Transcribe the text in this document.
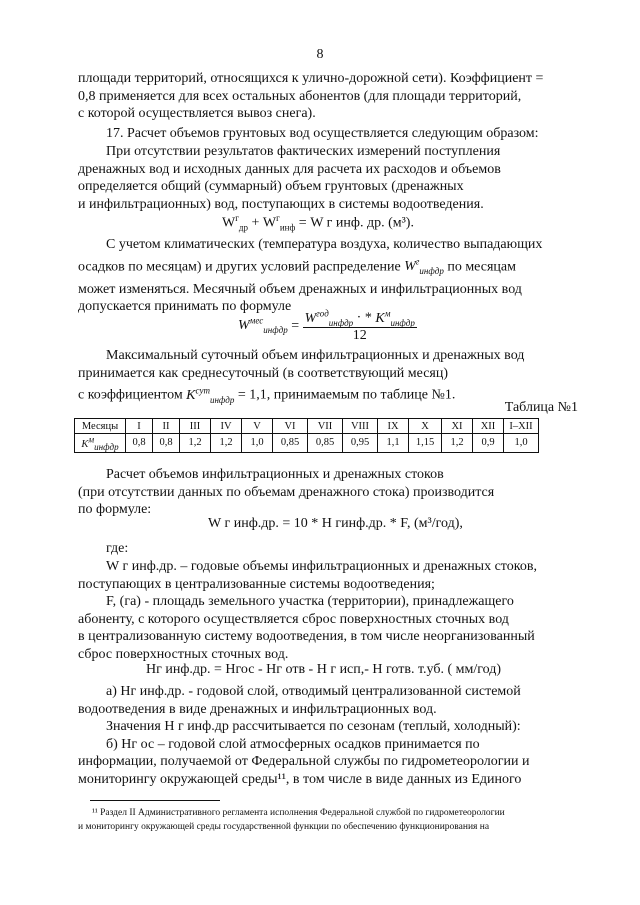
8
площади территорий, относящихся к улично-дорожной сети). Коэффициент =
0,8 применяется для всех остальных абонентов (для площади территорий,
с которой осуществляется вывоз снега).
17. Расчет объемов грунтовых вод осуществляется следующим образом:
При отсутствии результатов фактических измерений поступления
дренажных вод и исходных данных для расчета их расходов и объемов
определяется общий (суммарный) объем грунтовых (дренажных
и инфильтрационных) вод, поступающих в системы водоотведения.
$W^г_{др} + W^г_{инф} = W$ г инф. др. (м³).
С учетом климатических (температура воздуха, количество выпадающих
осадков по месяцам) и других условий распределение $W^г_{инфдр}$ по месяцам
может изменяться. Месячный объем дренажных и инфильтрационных вод
допускается принимать по формуле
$W^{мес}_{инфдр} = \frac{W^{год}_{инфдр} \cdot * K^м_{инфдр}}{12}$
Максимальный суточный объем инфильтрационных и дренажных вод
принимается как среднесуточный (в соответствующий месяц)
с коэффициентом $K^{сут}_{инфдр} = 1,1$, принимаемым по таблице №1.
Таблица №1
Месяцы	I	II	III	IV	V	VI	VII	VIII	IX	X	XI	XII	I–XII
$K^м_{инфдр}$	0,8	0,8	1,2	1,2	1,0	0,85	0,85	0,95	1,1	1,15	1,2	0,9	1,0
Расчет объемов инфильтрационных и дренажных стоков
(при отсутствии данных по объемам дренажного стока) производится
по формуле:
W г инф.др. = 10 * H гинф.др. * F, (м³/год),
где:
W г инф.др. – годовые объемы инфильтрационных и дренажных стоков,
поступающих в централизованные системы водоотведения;
F, (га) - площадь земельного участка (территории), принадлежащего
абоненту, с которого осуществляется сброс поверхностных сточных вод
в централизованную систему водоотведения, в том числе неорганизованный
сброс поверхностных сточных вод.
Hг инф.др. = Hгос - Hг отв - H г исп,- H готв. т.уб. ( мм/год)
а) Hг инф.др. - годовой слой, отводимый централизованной системой
водоотведения в виде дренажных и инфильтрационных вод.
Значения H г инф.др рассчитывается по сезонам (теплый, холодный):
б) Hг ос – годовой слой атмосферных осадков принимается по
информации, получаемой от Федеральной службы по гидрометеорологии и
мониторингу окружающей среды¹¹, в том числе в виде данных из Единого
¹¹ Раздел II Административного регламента исполнения Федеральной службой по гидрометеорологии
и мониторингу окружающей среды государственной функции по обеспечению функционирования на
